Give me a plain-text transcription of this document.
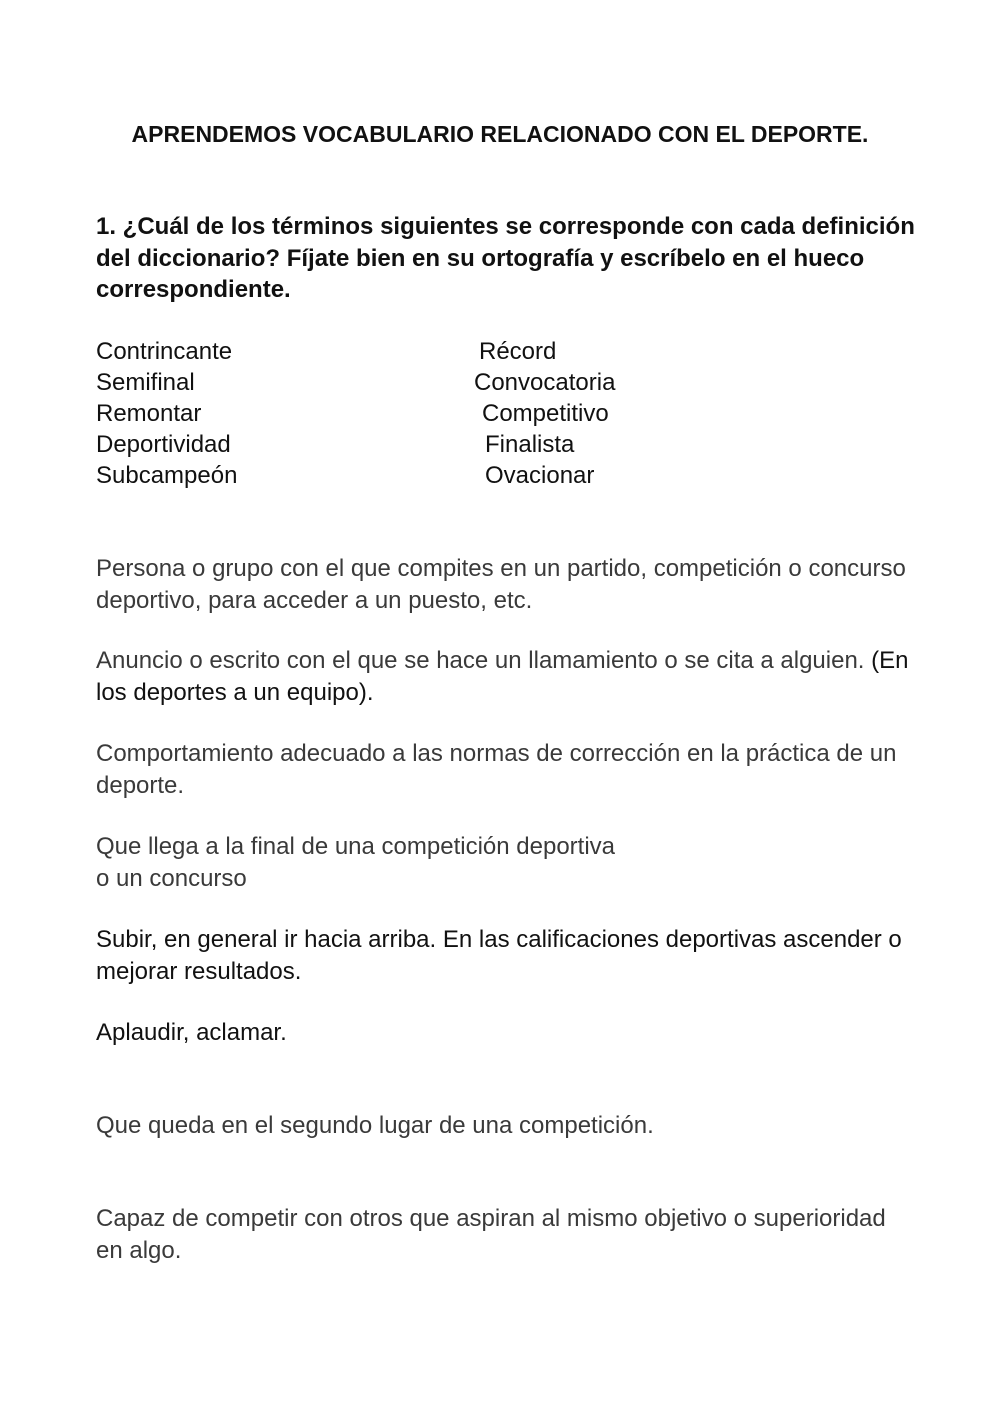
APRENDEMOS VOCABULARIO RELACIONADO CON EL DEPORTE.

1. ¿Cuál de los términos siguientes se corresponde con cada definición del diccionario? Fíjate bien en su ortografía y escríbelo en el hueco correspondiente.

Contrincante
Semifinal
Remontar
Deportividad
Subcampeón
Récord
Convocatoria
Competitivo
Finalista
Ovacionar

Persona o grupo con el que compites en un partido, competición o concurso deportivo, para acceder a un puesto, etc.

Anuncio o escrito con el que se hace un llamamiento o se cita a alguien. (En los deportes a un equipo).

Comportamiento adecuado a las normas de corrección en la práctica de un deporte.

Que llega a la final de una competición deportiva
o un concurso

Subir, en general ir hacia arriba. En las calificaciones deportivas ascender o mejorar resultados.

Aplaudir, aclamar.

Que queda en el segundo lugar de una competición.

Capaz de competir con otros que aspiran al mismo objetivo o superioridad en algo.
